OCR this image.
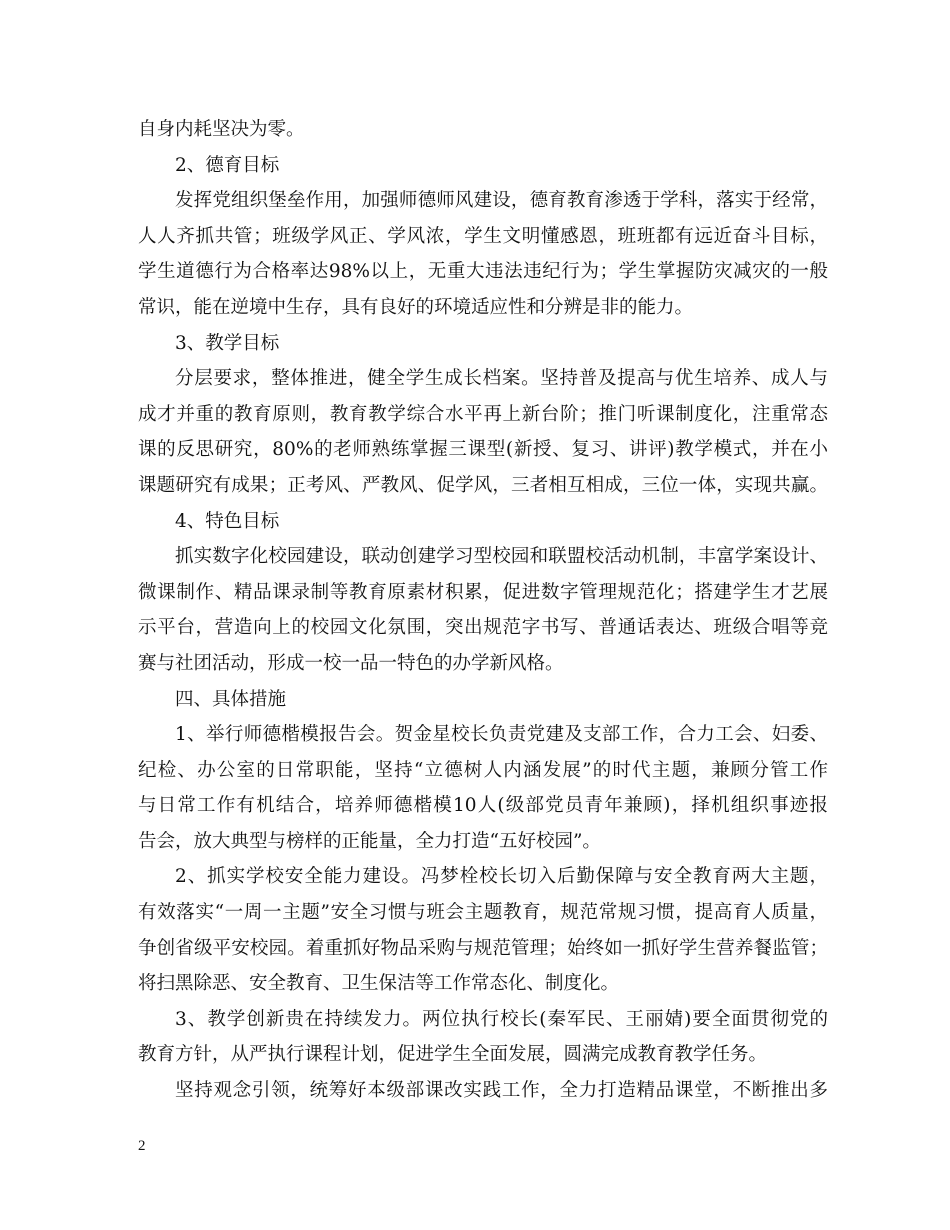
自身内耗坚决为零。
2、德育目标
发挥党组织堡垒作用，加强师德师风建设，德育教育渗透于学科，落实于经常，
人人齐抓共管；班级学风正、学风浓，学生文明懂感恩，班班都有远近奋斗目标，
学生道德行为合格率达98%以上，无重大违法违纪行为；学生掌握防灾减灾的一般
常识，能在逆境中生存，具有良好的环境适应性和分辨是非的能力。
3、教学目标
分层要求，整体推进，健全学生成长档案。坚持普及提高与优生培养、成人与
成才并重的教育原则，教育教学综合水平再上新台阶；推门听课制度化，注重常态
课的反思研究，80%的老师熟练掌握三课型(新授、复习、讲评)教学模式，并在小
课题研究有成果；正考风、严教风、促学风，三者相互相成，三位一体，实现共赢。
4、特色目标
抓实数字化校园建设，联动创建学习型校园和联盟校活动机制，丰富学案设计、
微课制作、精品课录制等教育原素材积累，促进数字管理规范化；搭建学生才艺展
示平台，营造向上的校园文化氛围，突出规范字书写、普通话表达、班级合唱等竞
赛与社团活动，形成一校一品一特色的办学新风格。
四、具体措施
1、举行师德楷模报告会。贺金星校长负责党建及支部工作，合力工会、妇委、
纪检、办公室的日常职能，坚持“立德树人内涵发展”的时代主题，兼顾分管工作
与日常工作有机结合，培养师德楷模10人(级部党员青年兼顾)，择机组织事迹报
告会，放大典型与榜样的正能量，全力打造“五好校园”。
2、抓实学校安全能力建设。冯梦栓校长切入后勤保障与安全教育两大主题，
有效落实“一周一主题”安全习惯与班会主题教育，规范常规习惯，提高育人质量，
争创省级平安校园。着重抓好物品采购与规范管理；始终如一抓好学生营养餐监管；
将扫黑除恶、安全教育、卫生保洁等工作常态化、制度化。
3、教学创新贵在持续发力。两位执行校长(秦军民、王丽婧)要全面贯彻党的
教育方针，从严执行课程计划，促进学生全面发展，圆满完成教育教学任务。
坚持观念引领，统筹好本级部课改实践工作，全力打造精品课堂，不断推出多
2
